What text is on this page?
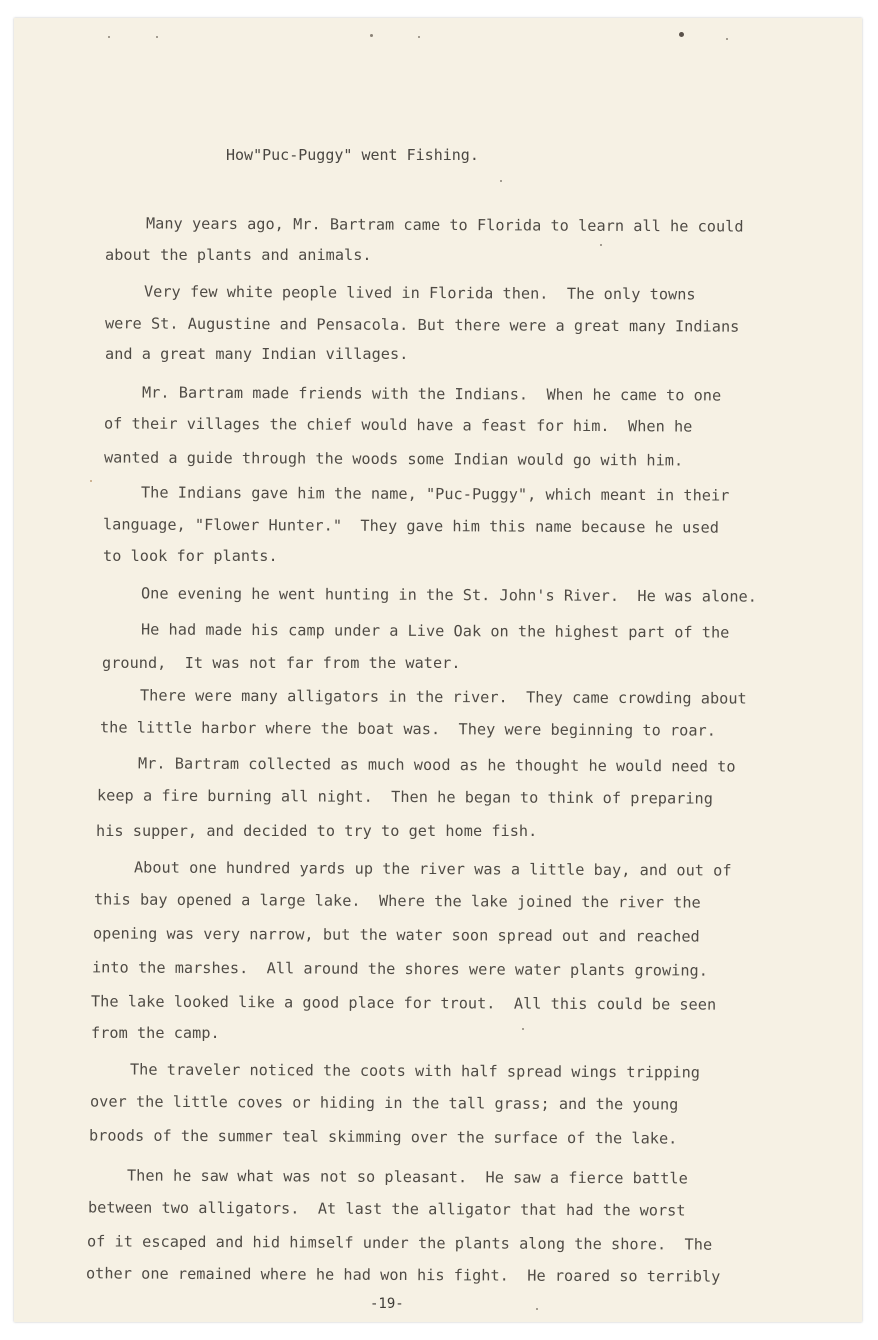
How"Puc-Puggy" went Fishing.
Many years ago, Mr. Bartram came to Florida to learn all he could
about the plants and animals.
Very few white people lived in Florida then.  The only towns
were St. Augustine and Pensacola. But there were a great many Indians
and a great many Indian villages.
Mr. Bartram made friends with the Indians.  When he came to one
of their villages the chief would have a feast for him.  When he
wanted a guide through the woods some Indian would go with him.
The Indians gave him the name, "Puc-Puggy", which meant in their
language, "Flower Hunter."  They gave him this name because he used
to look for plants.
One evening he went hunting in the St. John's River.  He was alone.
He had made his camp under a Live Oak on the highest part of the
ground,  It was not far from the water.
There were many alligators in the river.  They came crowding about
the little harbor where the boat was.  They were beginning to roar.
Mr. Bartram collected as much wood as he thought he would need to
keep a fire burning all night.  Then he began to think of preparing
his supper, and decided to try to get home fish.
About one hundred yards up the river was a little bay, and out of
this bay opened a large lake.  Where the lake joined the river the
opening was very narrow, but the water soon spread out and reached
into the marshes.  All around the shores were water plants growing.
The lake looked like a good place for trout.  All this could be seen
from the camp.
The traveler noticed the coots with half spread wings tripping
over the little coves or hiding in the tall grass; and the young
broods of the summer teal skimming over the surface of the lake.
Then he saw what was not so pleasant.  He saw a fierce battle
between two alligators.  At last the alligator that had the worst
of it escaped and hid himself under the plants along the shore.  The
other one remained where he had won his fight.  He roared so terribly
-19-
